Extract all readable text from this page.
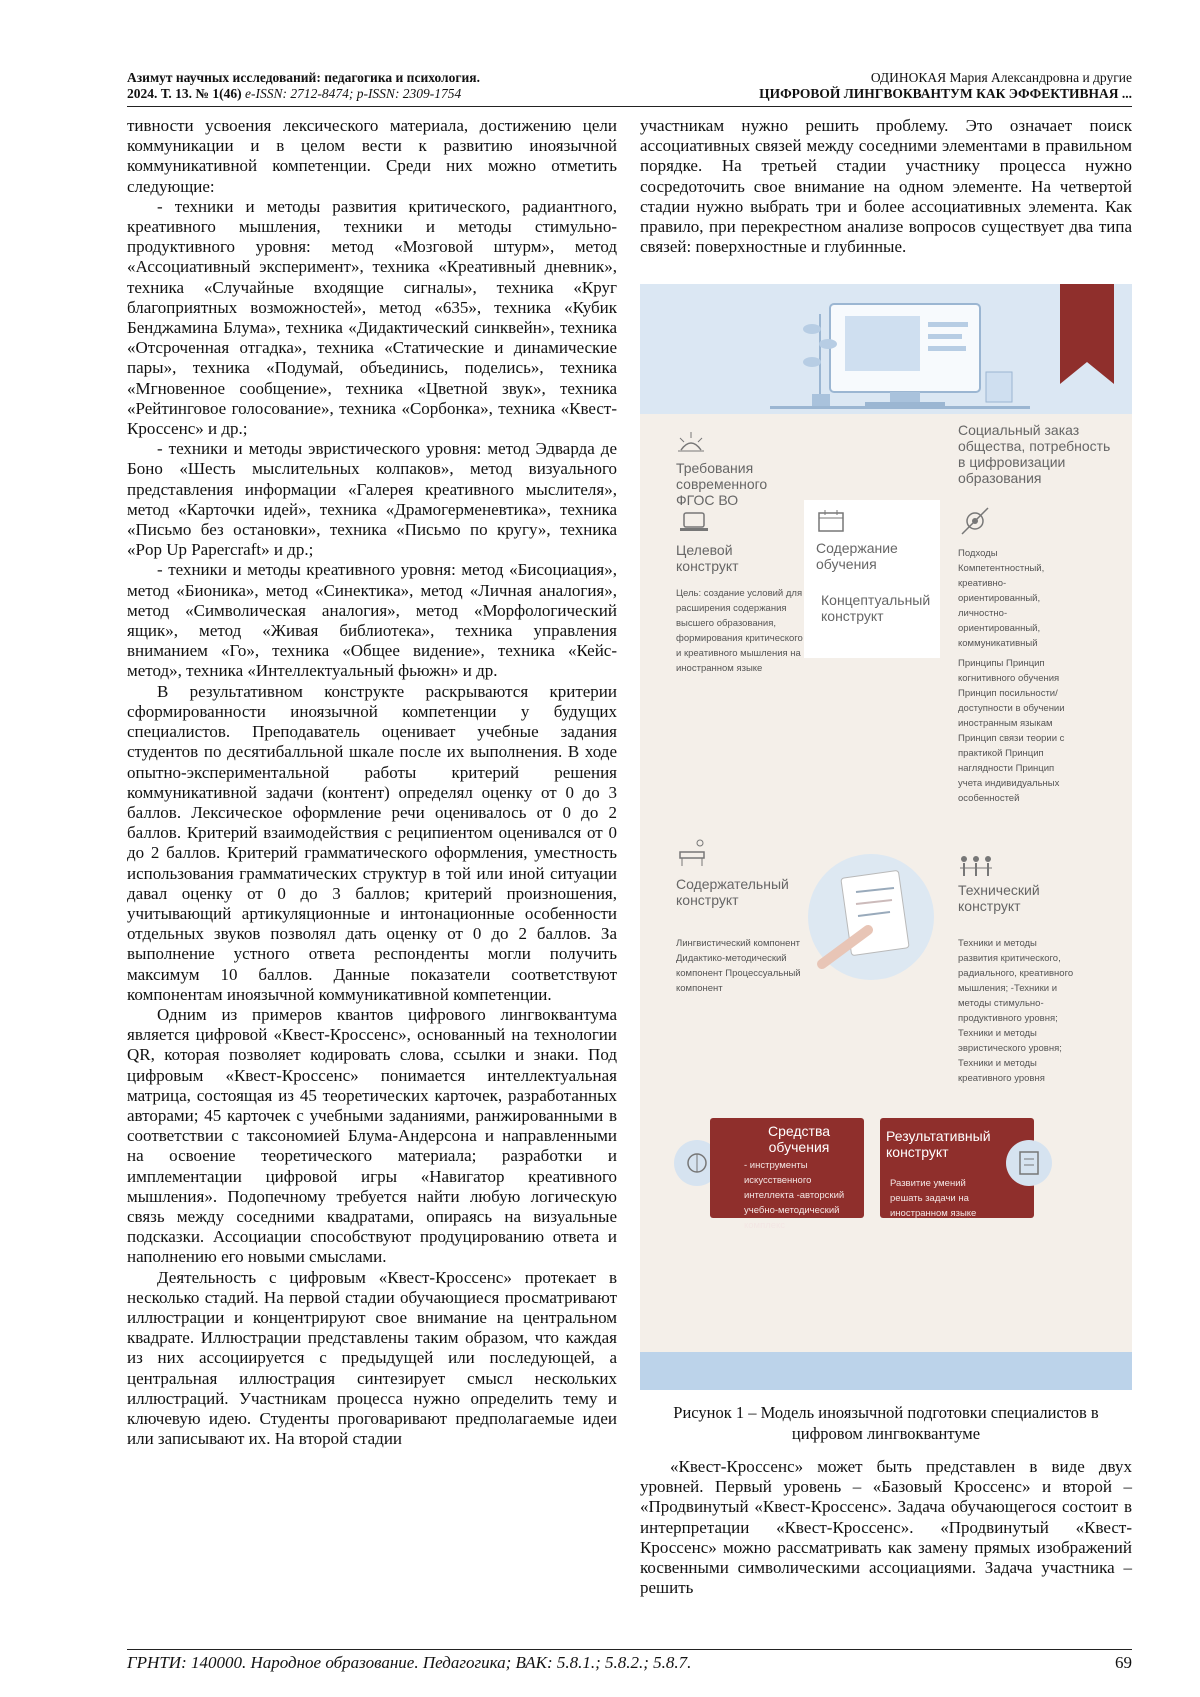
Азимут научных исследований: педагогика и психология.
2024. Т. 13. № 1(46) e-ISSN: 2712-8474; p-ISSN: 2309-1754
ОДИНОКАЯ Мария Александровна и другие
ЦИФРОВОЙ ЛИНГВОКВАНТУМ КАК ЭФФЕКТИВНАЯ ...

тивности усвоения лексического материала, достижению цели коммуникации и в целом вести к развитию иноязычной коммуникативной компетенции. Среди них можно отметить следующие:

- техники и методы развития критического, радиантного, креативного мышления, техники и методы стимульно-продуктивного уровня: метод «Мозговой штурм», метод «Ассоциативный эксперимент», техника «Креативный дневник», техника «Случайные входящие сигналы», техника «Круг благоприятных возможностей», метод «635», техника «Кубик Бенджамина Блума», техника «Дидактический синквейн», техника «Отсроченная отгадка», техника «Статические и динамические пары», техника «Подумай, объединись, поделись», техника «Мгновенное сообщение», техника «Цветной звук», техника «Рейтинговое голосование», техника «Сорбонка», техника «Квест-Кроссенс» и др.;

- техники и методы эвристического уровня: метод Эдварда де Боно «Шесть мыслительных колпаков», метод визуального представления информации «Галерея креативного мыслителя», метод «Карточки идей», техника «Драмогерменевтика», техника «Письмо без остановки», техника «Письмо по кругу», техника «Pop Up Papercraft» и др.;

- техники и методы креативного уровня: метод «Бисоциация», метод «Бионика», метод «Синектика», метод «Личная аналогия», метод «Символическая аналогия», метод «Морфологический ящик», метод «Живая библиотека», техника управления вниманием «Го», техника «Общее видение», техника «Кейс-метод», техника «Интеллектуальный фьюжн» и др.

В результативном конструкте раскрываются критерии сформированности иноязычной компетенции у будущих специалистов. Преподаватель оценивает учебные задания студентов по десятибалльной шкале после их выполнения. В ходе опытно-экспериментальной работы критерий решения коммуникативной задачи (контент) определял оценку от 0 до 3 баллов. Лексическое оформление речи оценивалось от 0 до 2 баллов. Критерий взаимодействия с реципиентом оценивался от 0 до 2 баллов. Критерий грамматического оформления, уместность использования грамматических структур в той или иной ситуации давал оценку от 0 до 3 баллов; критерий произношения, учитывающий артикуляционные и интонационные особенности отдельных звуков позволял дать оценку от 0 до 2 баллов. За выполнение устного ответа респонденты могли получить максимум 10 баллов. Данные показатели соответствуют компонентам иноязычной коммуникативной компетенции.

Одним из примеров квантов цифрового лингвоквантума является цифровой «Квест-Кроссенс», основанный на технологии QR, которая позволяет кодировать слова, ссылки и знаки. Под цифровым «Квест-Кроссенс» понимается интеллектуальная матрица, состоящая из 45 теоретических карточек, разработанных авторами; 45 карточек с учебными заданиями, ранжированными в соответствии с таксономией Блума-Андерсона и направленными на освоение теоретического материала; разработки и имплементации цифровой игры «Навигатор креативного мышления». Подопечному требуется найти любую логическую связь между соседними квадратами, опираясь на визуальные подсказки. Ассоциации способствуют продуцированию ответа и наполнению его новыми смыслами.

Деятельность с цифровым «Квест-Кроссенс» протекает в несколько стадий. На первой стадии обучающиеся просматривают иллюстрации и концентрируют свое внимание на центральном квадрате. Иллюстрации представлены таким образом, что каждая из них ассоциируется с предыдущей или последующей, а центральная иллюстрация синтезирует смысл нескольких иллюстраций. Участникам процесса нужно определить тему и ключевую идею. Студенты проговаривают предполагаемые идеи или записывают их. На второй стадии

участникам нужно решить проблему. Это означает поиск ассоциативных связей между соседними элементами в правильном порядке. На третьей стадии участнику процесса нужно сосредоточить свое внимание на одном элементе. На четвертой стадии нужно выбрать три и более ассоциативных элемента. Как правило, при перекрестном анализе вопросов существует два типа связей: поверхностные и глубинные.

Требования современного ФГОС ВО
Социальный заказ общества, потребность в цифровизации образования
Целевой конструкт
Цель: создание условий для расширения содержания высшего образования, формирования критического и креативного мышления на иностранном языке
Содержание обучения
Концептуальный конструкт
Подходы Компетентностный, креативно-ориентированный, личностно-ориентированный, коммуникативный
Принципы Принцип когнитивного обучения Принцип посильности/доступности в обучении иностранным языкам Принцип связи теории с практикой Принцип наглядности Принцип учета индивидуальных особенностей
Содержательный конструкт
Лингвистический компонент Дидактико-методический компонент Процессуальный компонент
Технический конструкт
Техники и методы развития критического, радиального, креативного мышления; -Техники и методы стимульно-продуктивного уровня; Техники и методы эвристического уровня; Техники и методы креативного уровня
Средства обучения
- инструменты искусственного интеллекта -авторский учебно-методический комплекс
Результативный конструкт
Развитие умений решать задачи на иностранном языке
Рисунок 1 – Модель иноязычной подготовки специалистов в цифровом лингвоквантуме

«Квест-Кроссенс» может быть представлен в виде двух уровней. Первый уровень – «Базовый Кроссенс» и второй – «Продвинутый «Квест-Кроссенс». Задача обучающегося состоит в интерпретации «Квест-Кроссенс». «Продвинутый «Квест-Кроссенс» можно рассматривать как замену прямых изображений косвенными символическими ассоциациями. Задача участника – решить

ГРНТИ: 140000. Народное образование. Педагогика; ВАК: 5.8.1.; 5.8.2.; 5.8.7.	69
